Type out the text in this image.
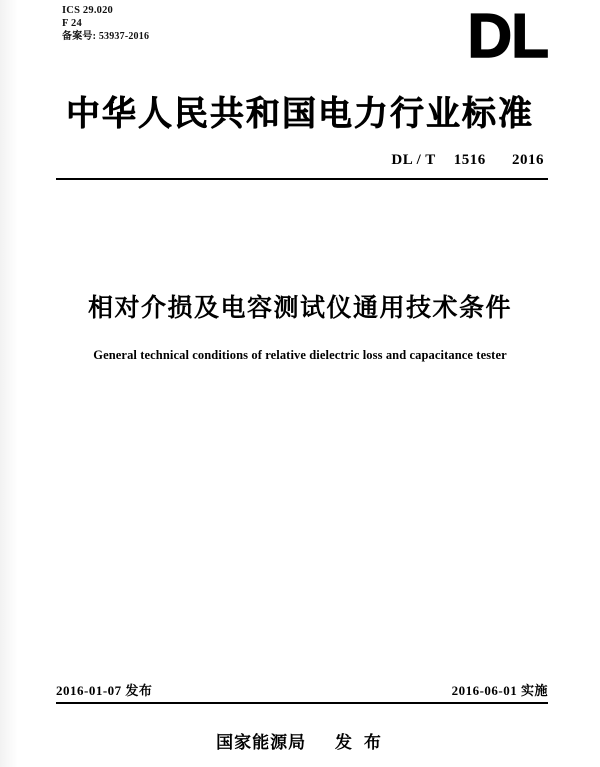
ICS 29.020
F 24
备案号: 53937-2016	DL
中华人民共和国电力行业标准
DL / T 1516 2016
相对介损及电容测试仪通用技术条件
General technical conditions of relative dielectric loss and capacitance tester
2016-01-07 发布	2016-06-01 实施
国家能源局 发 布
